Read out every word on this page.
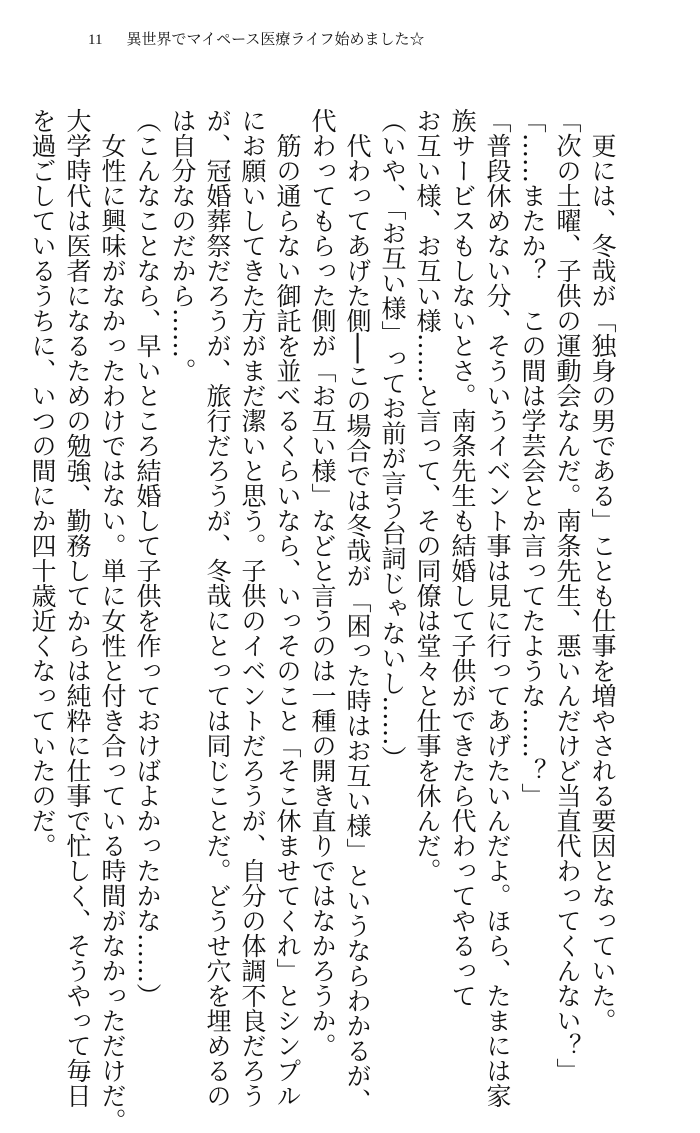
11 異世界でマイペース医療ライフ始めました☆

　更には、冬哉が「独身の男である」ことも仕事を増やされる要因となっていた。

「次の土曜、子供の運動会なんだ。南条先生、悪いんだけど当直代わってくんない？」

「……またか？　この間は学芸会とか言ってたような……？」

「普段休めない分、そういうイベント事は見に行ってあげたいんだよ。ほら、たまには家

族サービスもしないとさ。南条先生も結婚して子供ができたら代わってやるって

お互い様、お互い様……と言って、その同僚は堂々と仕事を休んだ。

（いや、「お互い様」ってお前が言う台詞じゃないし……）

　代わってあげた側──この場合では冬哉が「困った時はお互い様」というならわかるが、

代わってもらった側が「お互い様」などと言うのは一種の開き直りではなかろうか。

　筋の通らない御託を並べるくらいなら、いっそのこと「そこ休ませてくれ」とシンプル

にお願いしてきた方がまだ潔いと思う。子供のイベントだろうが、自分の体調不良だろう

が、冠婚葬祭だろうが、旅行だろうが、冬哉にとっては同じことだ。どうせ穴を埋めるの

は自分なのだから……。

（こんなことなら、早いところ結婚して子供を作っておけばよかったかな……）

　女性に興味がなかったわけではない。単に女性と付き合っている時間がなかっただけだ。

大学時代は医者になるための勉強、勤務してからは純粋に仕事で忙しく、そうやって毎日

を過ごしているうちに、いつの間にか四十歳近くなっていたのだ。
